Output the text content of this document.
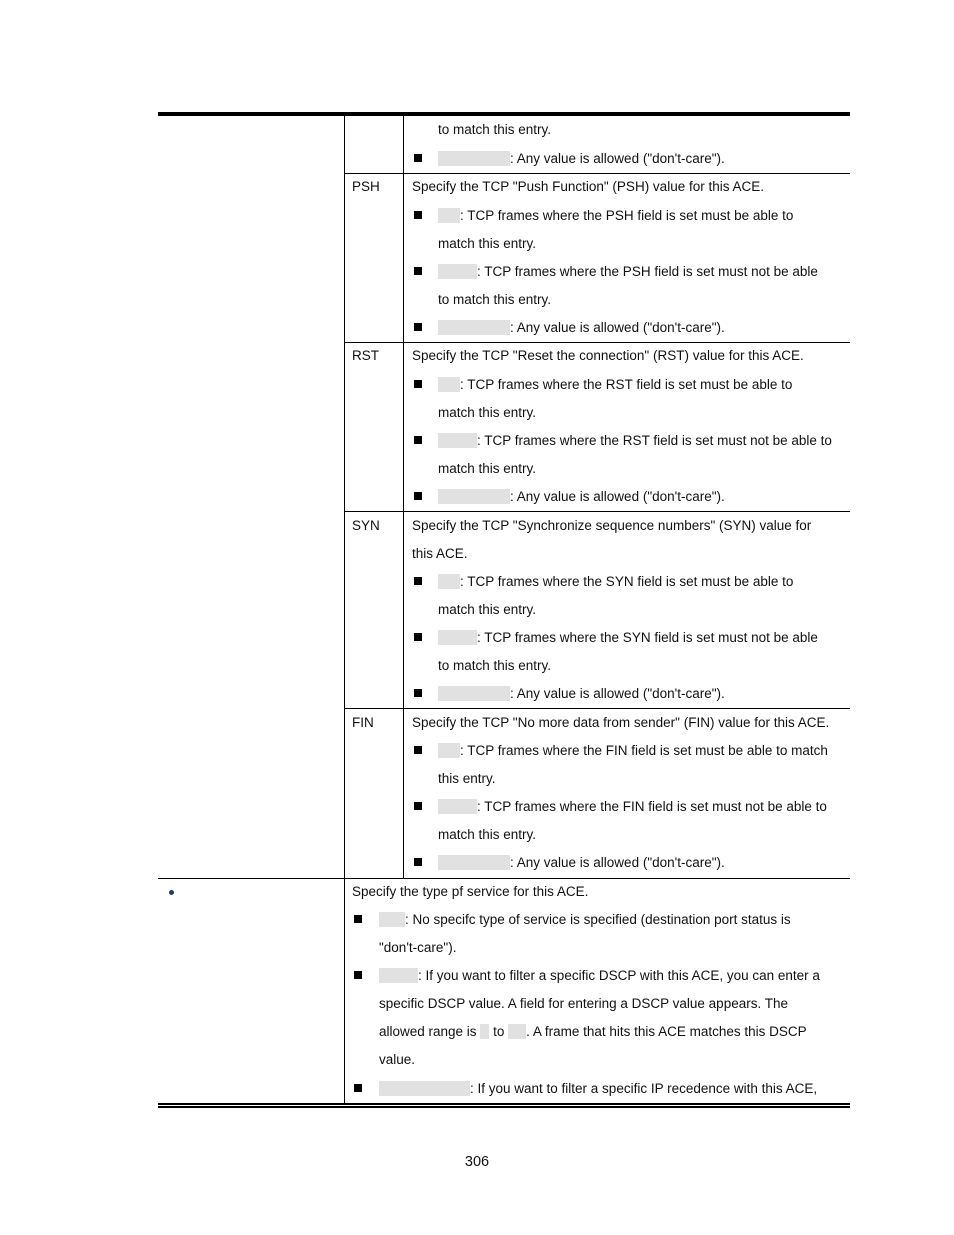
to match this entry.
: Any value is allowed ("don't-care").
PSH Specify the TCP "Push Function" (PSH) value for this ACE.
: TCP frames where the PSH field is set must be able to
match this entry.
: TCP frames where the PSH field is set must not be able
to match this entry.
: Any value is allowed ("don't-care").
RST Specify the TCP "Reset the connection" (RST) value for this ACE.
: TCP frames where the RST field is set must be able to
match this entry.
: TCP frames where the RST field is set must not be able to
match this entry.
: Any value is allowed ("don't-care").
SYN Specify the TCP "Synchronize sequence numbers" (SYN) value for
this ACE.
: TCP frames where the SYN field is set must be able to
match this entry.
: TCP frames where the SYN field is set must not be able
to match this entry.
: Any value is allowed ("don't-care").
FIN	Specify the TCP "No more data from sender" (FIN) value for this ACE.
: TCP frames where the FIN field is set must be able to match
this entry.
: TCP frames where the FIN field is set must not be able to
match this entry.
: Any value is allowed ("don't-care").
Specify the type pf service for this ACE.
: No specifc type of service is specified (destination port status is
"don't-care").
: If you want to filter a specific DSCP with this ACE, you can enter a
specific DSCP value. A field for entering a DSCP value appears. The
allowed range is  to . A frame that hits this ACE matches this DSCP
value.
: If you want to filter a specific IP recedence with this ACE,
306
